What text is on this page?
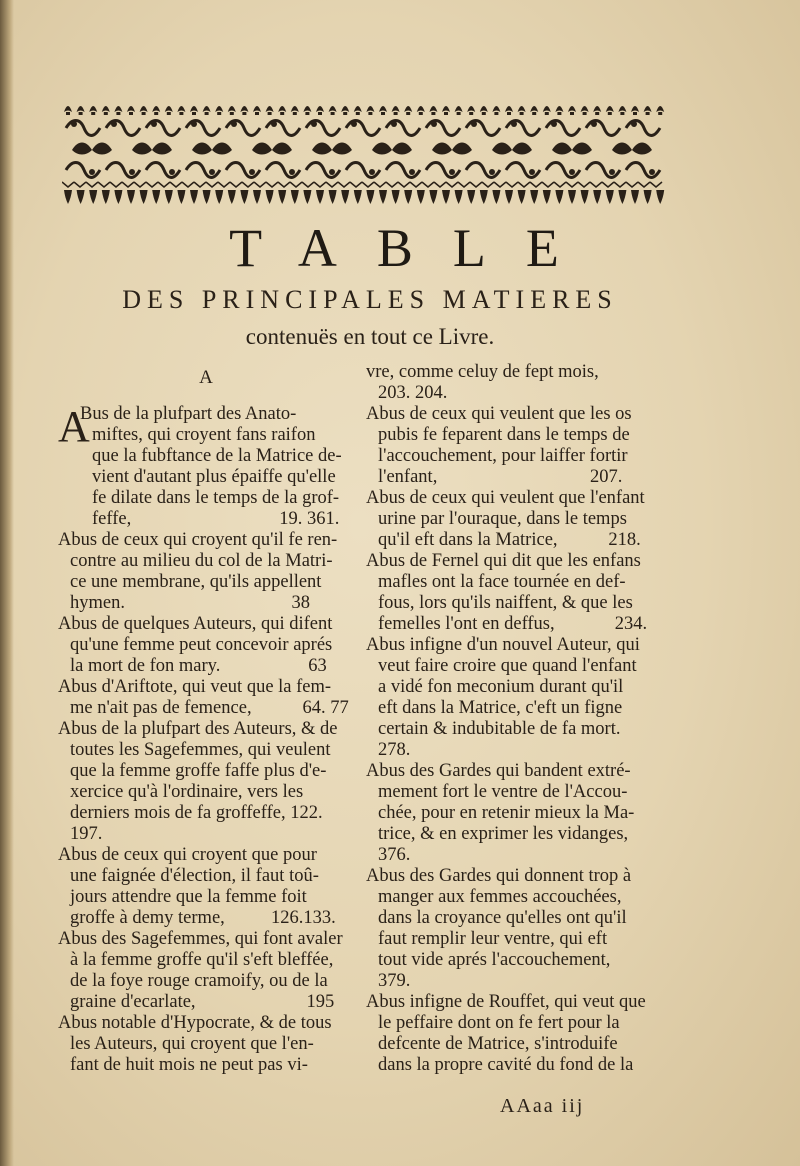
TABLE
DES PRINCIPALES MATIERES
contenuës en tout ce Livre.
A
A
Bus de la plufpart des Anato-
miftes, qui croyent fans raifon
que la fubftance de la Matrice de-
vient d'autant plus épaiffe qu'elle
fe dilate dans le temps de la grof-
feffe,                                19. 361.
Abus de ceux qui croyent qu'il fe ren-
contre au milieu du col de la Matri-
ce une membrane, qu'ils appellent
hymen.                                    38
Abus de quelques Auteurs, qui difent
qu'une femme peut concevoir aprés
la mort de fon mary.                   63
Abus d'Ariftote, qui veut que la fem-
me n'ait pas de femence,           64. 77
Abus de la plufpart des Auteurs, & de
toutes les Sagefemmes, qui veulent
que la femme groffe faffe plus d'e-
xercice qu'à l'ordinaire, vers les
derniers mois de fa groffeffe, 122.
197.
Abus de ceux qui croyent que pour
une faignée d'élection, il faut toû-
jours attendre que la femme foit
groffe à demy terme,          126.133.
Abus des Sagefemmes, qui font avaler
à la femme groffe qu'il s'eft bleffée,
de la foye rouge cramoify, ou de la
graine d'ecarlate,                        195
Abus notable d'Hypocrate, & de tous
les Auteurs, qui croyent que l'en-
fant de huit mois ne peut pas vi-
vre, comme celuy de fept mois,
203. 204.
Abus de ceux qui veulent que les os
pubis fe feparent dans le temps de
l'accouchement, pour laiffer fortir
l'enfant,                                 207.
Abus de ceux qui veulent que l'enfant
urine par l'ouraque, dans le temps
qu'il eft dans la Matrice,           218.
Abus de Fernel qui dit que les enfans
mafles ont la face tournée en def-
fous, lors qu'ils naiffent, & que les
femelles l'ont en deffus,             234.
Abus infigne d'un nouvel Auteur, qui
veut faire croire que quand l'enfant
a vidé fon meconium durant qu'il
eft dans la Matrice, c'eft un figne
certain & indubitable de fa mort.
278.
Abus des Gardes qui bandent extré-
mement fort le ventre de l'Accou-
chée, pour en retenir mieux la Ma-
trice, & en exprimer les vidanges,
376.
Abus des Gardes qui donnent trop à
manger aux femmes accouchées,
dans la croyance qu'elles ont qu'il
faut remplir leur ventre, qui eft
tout vide aprés l'accouchement,
379.
Abus infigne de Rouffet, qui veut que
le peffaire dont on fe fert pour la
defcente de Matrice, s'introduife
dans la propre cavité du fond de la
AAaa iij
